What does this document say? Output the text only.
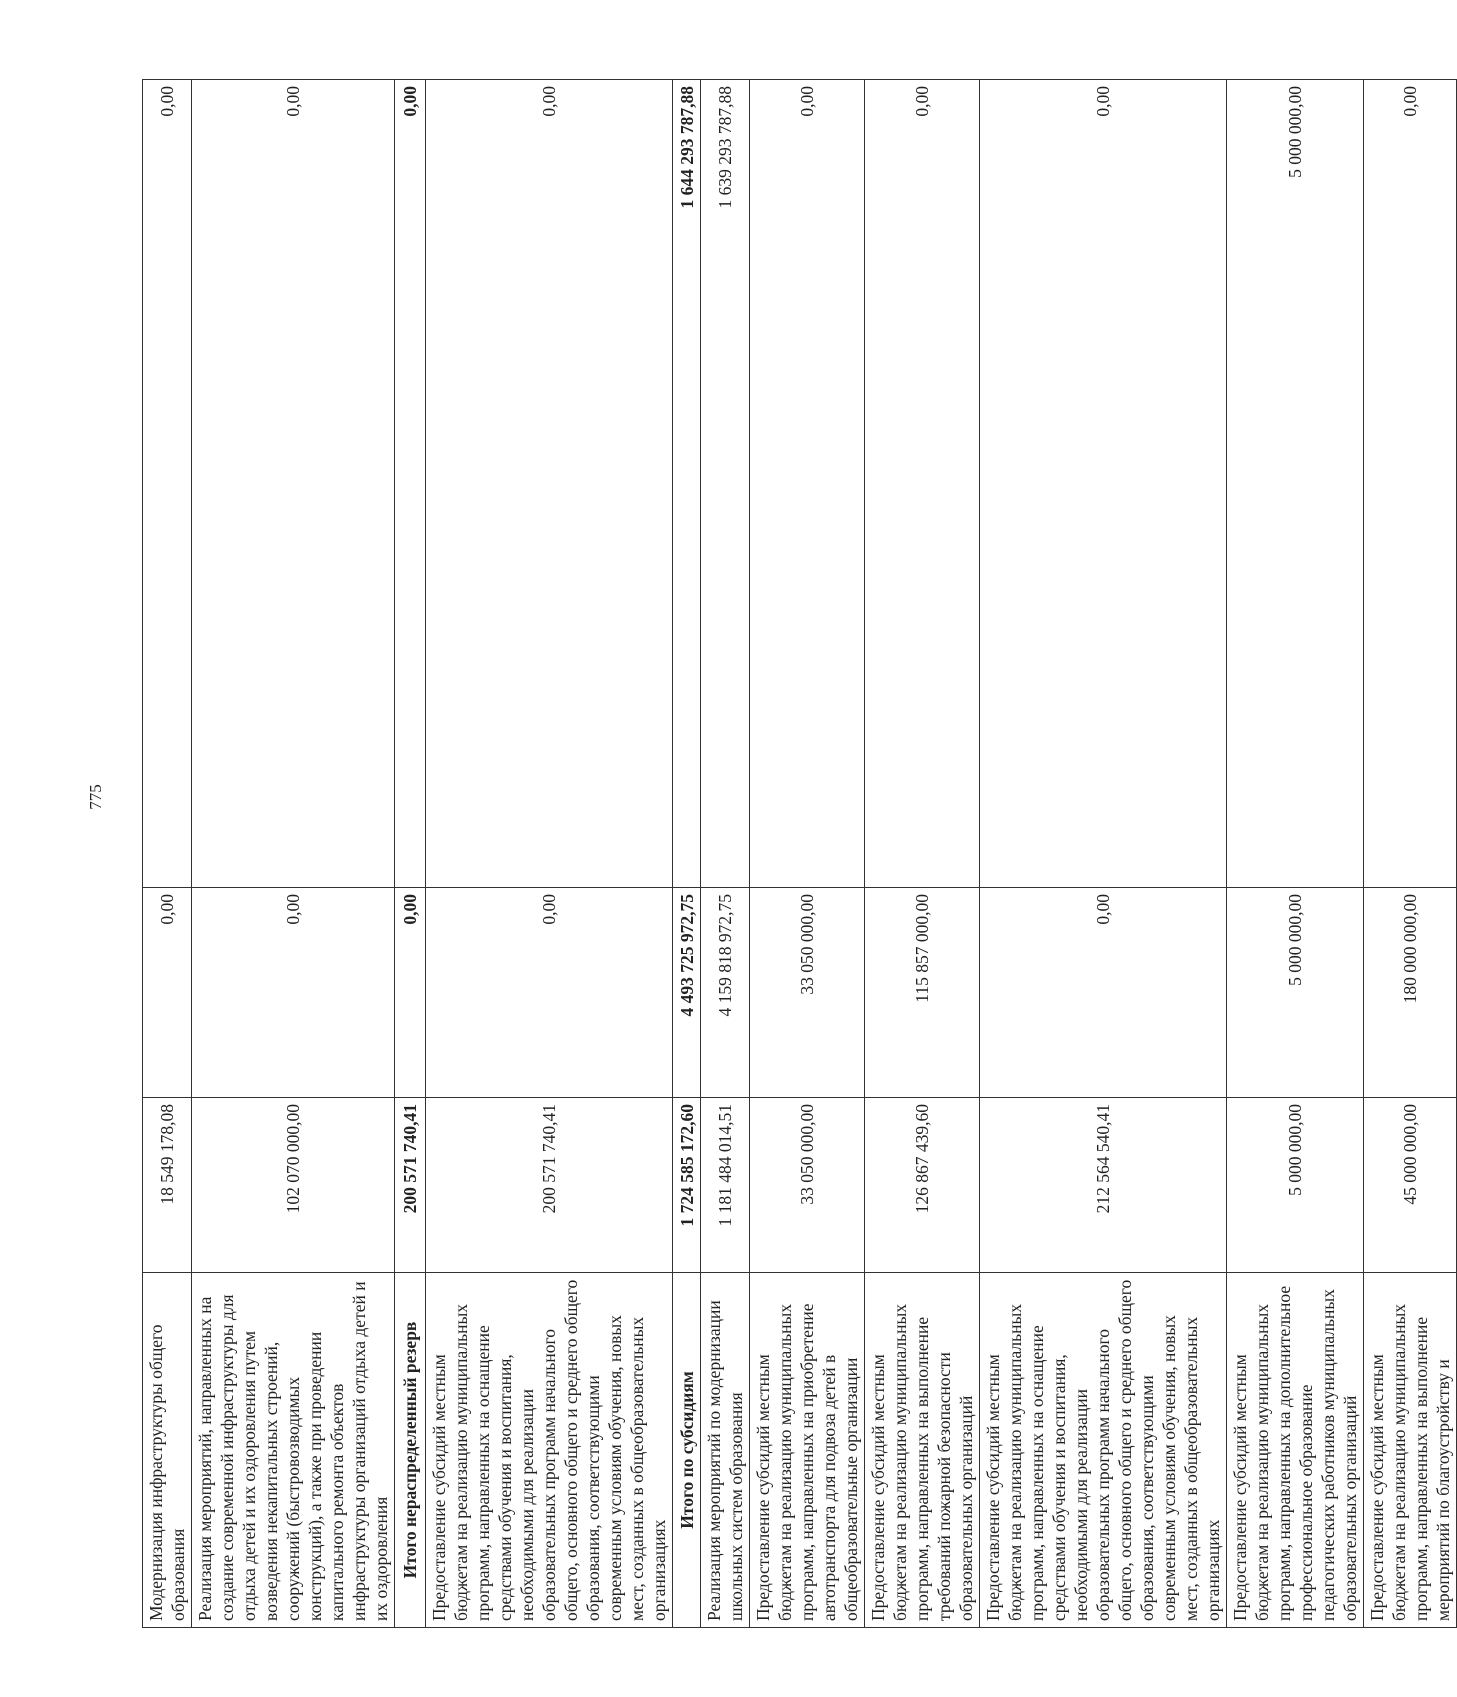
775
Модернизация инфраструктуры общего образования	18 549 178,08	0,00	0,00
Реализация мероприятий, направленных на создание современной инфраструктуры для отдыха детей и их оздоровления путем возведения некапитальных строений, сооружений (быстровозводимых конструкций), а также при проведении капитального ремонта объектов инфраструктуры организаций отдыха детей и их оздоровления	102 070 000,00	0,00	0,00
Итого нераспределенный резерв	200 571 740,41	0,00	0,00
Предоставление субсидий местным бюджетам на реализацию муниципальных программ, направленных на оснащение средствами обучения и воспитания, необходимыми для реализации образовательных программ начального общего, основного общего и среднего общего образования, соответствующими современным условиям обучения, новых мест, созданных в общеобразовательных организациях	200 571 740,41	0,00	0,00
Итого по субсидиям	1 724 585 172,60	4 493 725 972,75	1 644 293 787,88
Реализация мероприятий по модернизации школьных систем образования	1 181 484 014,51	4 159 818 972,75	1 639 293 787,88
Предоставление субсидий местным бюджетам на реализацию муниципальных программ, направленных на приобретение автотранспорта для подвоза детей в общеобразовательные организации	33 050 000,00	33 050 000,00	0,00
Предоставление субсидий местным бюджетам на реализацию муниципальных программ, направленных на выполнение требований пожарной безопасности образовательных организаций	126 867 439,60	115 857 000,00	0,00
Предоставление субсидий местным бюджетам на реализацию муниципальных программ, направленных на оснащение средствами обучения и воспитания, необходимыми для реализации образовательных программ начального общего, основного общего и среднего общего образования, соответствующими современным условиям обучения, новых мест, созданных в общеобразовательных организациях	212 564 540,41	0,00	0,00
Предоставление субсидий местным бюджетам на реализацию муниципальных программ, направленных на дополнительное профессиональное образование педагогических работников муниципальных образовательных организаций	5 000 000,00	5 000 000,00	5 000 000,00
Предоставление субсидий местным бюджетам на реализацию муниципальных программ, направленных на выполнение мероприятий по благоустройству и	45 000 000,00	180 000 000,00	0,00
